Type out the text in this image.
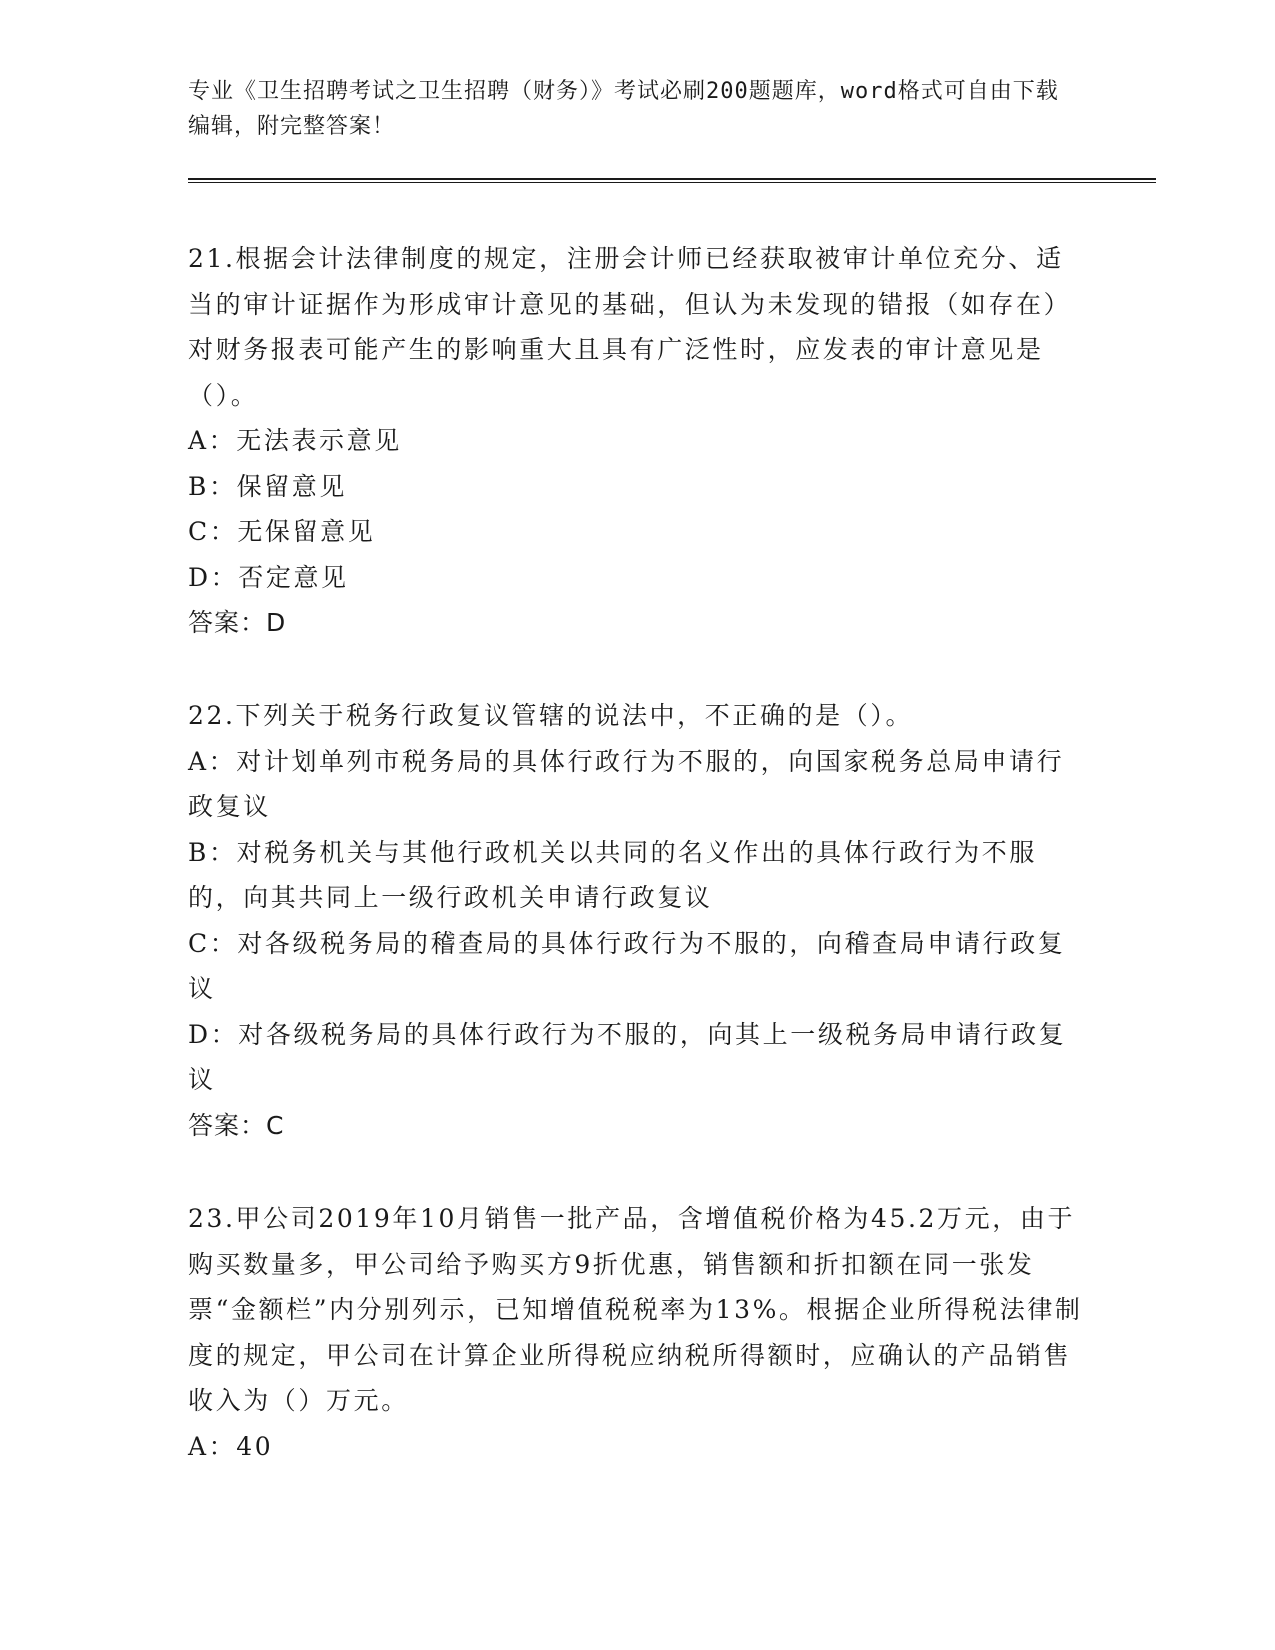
专业《卫生招聘考试之卫生招聘（财务）》考试必刷200题题库，word格式可自由下载编辑，附完整答案！

21.根据会计法律制度的规定，注册会计师已经获取被审计单位充分、适当的审计证据作为形成审计意见的基础，但认为未发现的错报（如存在）对财务报表可能产生的影响重大且具有广泛性时，应发表的审计意见是（）。

A：无法表示意见

B：保留意见

C：无保留意见

D：否定意见

答案：D

22.下列关于税务行政复议管辖的说法中，不正确的是（）。

A：对计划单列市税务局的具体行政行为不服的，向国家税务总局申请行政复议

B：对税务机关与其他行政机关以共同的名义作出的具体行政行为不服的，向其共同上一级行政机关申请行政复议

C：对各级税务局的稽查局的具体行政行为不服的，向稽查局申请行政复议

D：对各级税务局的具体行政行为不服的，向其上一级税务局申请行政复议

答案：C

23.甲公司2019年10月销售一批产品，含增值税价格为45.2万元，由于购买数量多，甲公司给予购买方9折优惠，销售额和折扣额在同一张发票“金额栏”内分别列示，已知增值税税率为13%。根据企业所得税法律制度的规定，甲公司在计算企业所得税应纳税所得额时，应确认的产品销售收入为（）万元。

A：40
